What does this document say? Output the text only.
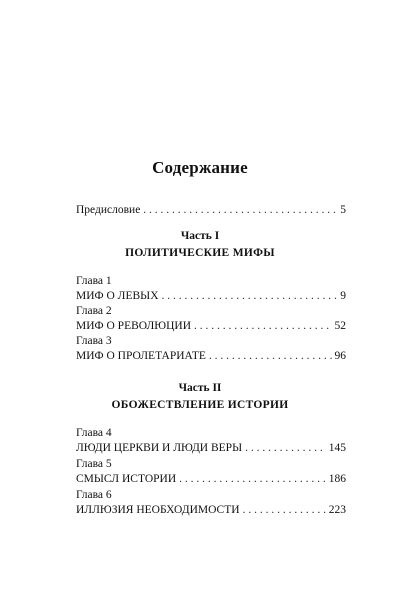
Содержание
Предисловие . . .	5
Часть I
ПОЛИТИЧЕСКИЕ МИФЫ
Глава 1
МИФ О ЛЕВЫХ . . .	9
Глава 2
МИФ О РЕВОЛЮЦИИ . . .	52
Глава 3
МИФ О ПРОЛЕТАРИАТЕ . . .	96
Часть II
ОБОЖЕСТВЛЕНИЕ ИСТОРИИ
Глава 4
ЛЮДИ ЦЕРКВИ И ЛЮДИ ВЕРЫ . . .	145
Глава 5
СМЫСЛ ИСТОРИИ . . .	186
Глава 6
ИЛЛЮЗИЯ НЕОБХОДИМОСТИ . . .	223
